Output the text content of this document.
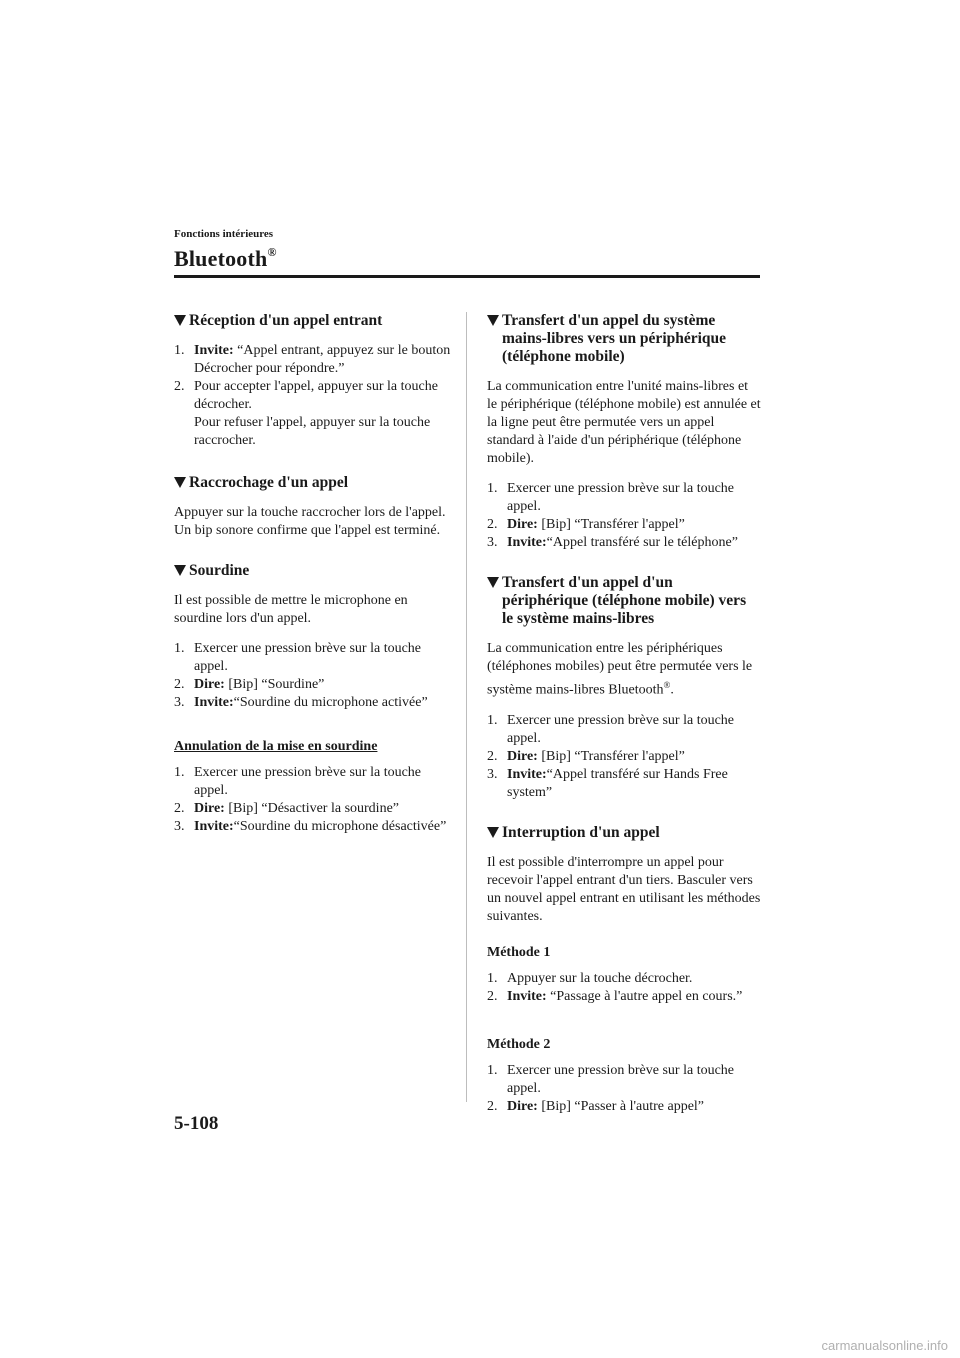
Fonctions intérieures
Bluetooth®
Réception d'un appel entrant
1. Invite: “Appel entrant, appuyez sur le bouton Décrocher pour répondre.”
2. Pour accepter l'appel, appuyer sur la touche décrocher.
Pour refuser l'appel, appuyer sur la touche raccrocher.
Raccrochage d'un appel

Appuyer sur la touche raccrocher lors de l'appel. Un bip sonore confirme que l'appel est terminé.

Sourdine

Il est possible de mettre le microphone en sourdine lors d'un appel.

1. Exercer une pression brève sur la touche appel.
2. Dire: [Bip] “Sourdine”
3. Invite:“Sourdine du microphone activée”
Annulation de la mise en sourdine
1. Exercer une pression brève sur la touche appel.
2. Dire: [Bip] “Désactiver la sourdine”
3. Invite:“Sourdine du microphone désactivée”
Transfert d'un appel du système mains-libres vers un périphérique (téléphone mobile)

La communication entre l'unité mains-libres et le périphérique (téléphone mobile) est annulée et la ligne peut être permutée vers un appel standard à l'aide d'un périphérique (téléphone mobile).

1. Exercer une pression brève sur la touche appel.
2. Dire: [Bip] “Transférer l'appel”
3. Invite:“Appel transféré sur le téléphone”
Transfert d'un appel d'un périphérique (téléphone mobile) vers le système mains-libres

La communication entre les périphériques (téléphones mobiles) peut être permutée vers le système mains-libres Bluetooth®.

1. Exercer une pression brève sur la touche appel.
2. Dire: [Bip] “Transférer l'appel”
3. Invite:“Appel transféré sur Hands Free system”
Interruption d'un appel

Il est possible d'interrompre un appel pour recevoir l'appel entrant d'un tiers. Basculer vers un nouvel appel entrant en utilisant les méthodes suivantes.

Méthode 1
1. Appuyer sur la touche décrocher.
2. Invite: “Passage à l'autre appel en cours.”
Méthode 2
1. Exercer une pression brève sur la touche appel.
2. Dire: [Bip] “Passer à l'autre appel”
5-108
carmanualsonline.info
